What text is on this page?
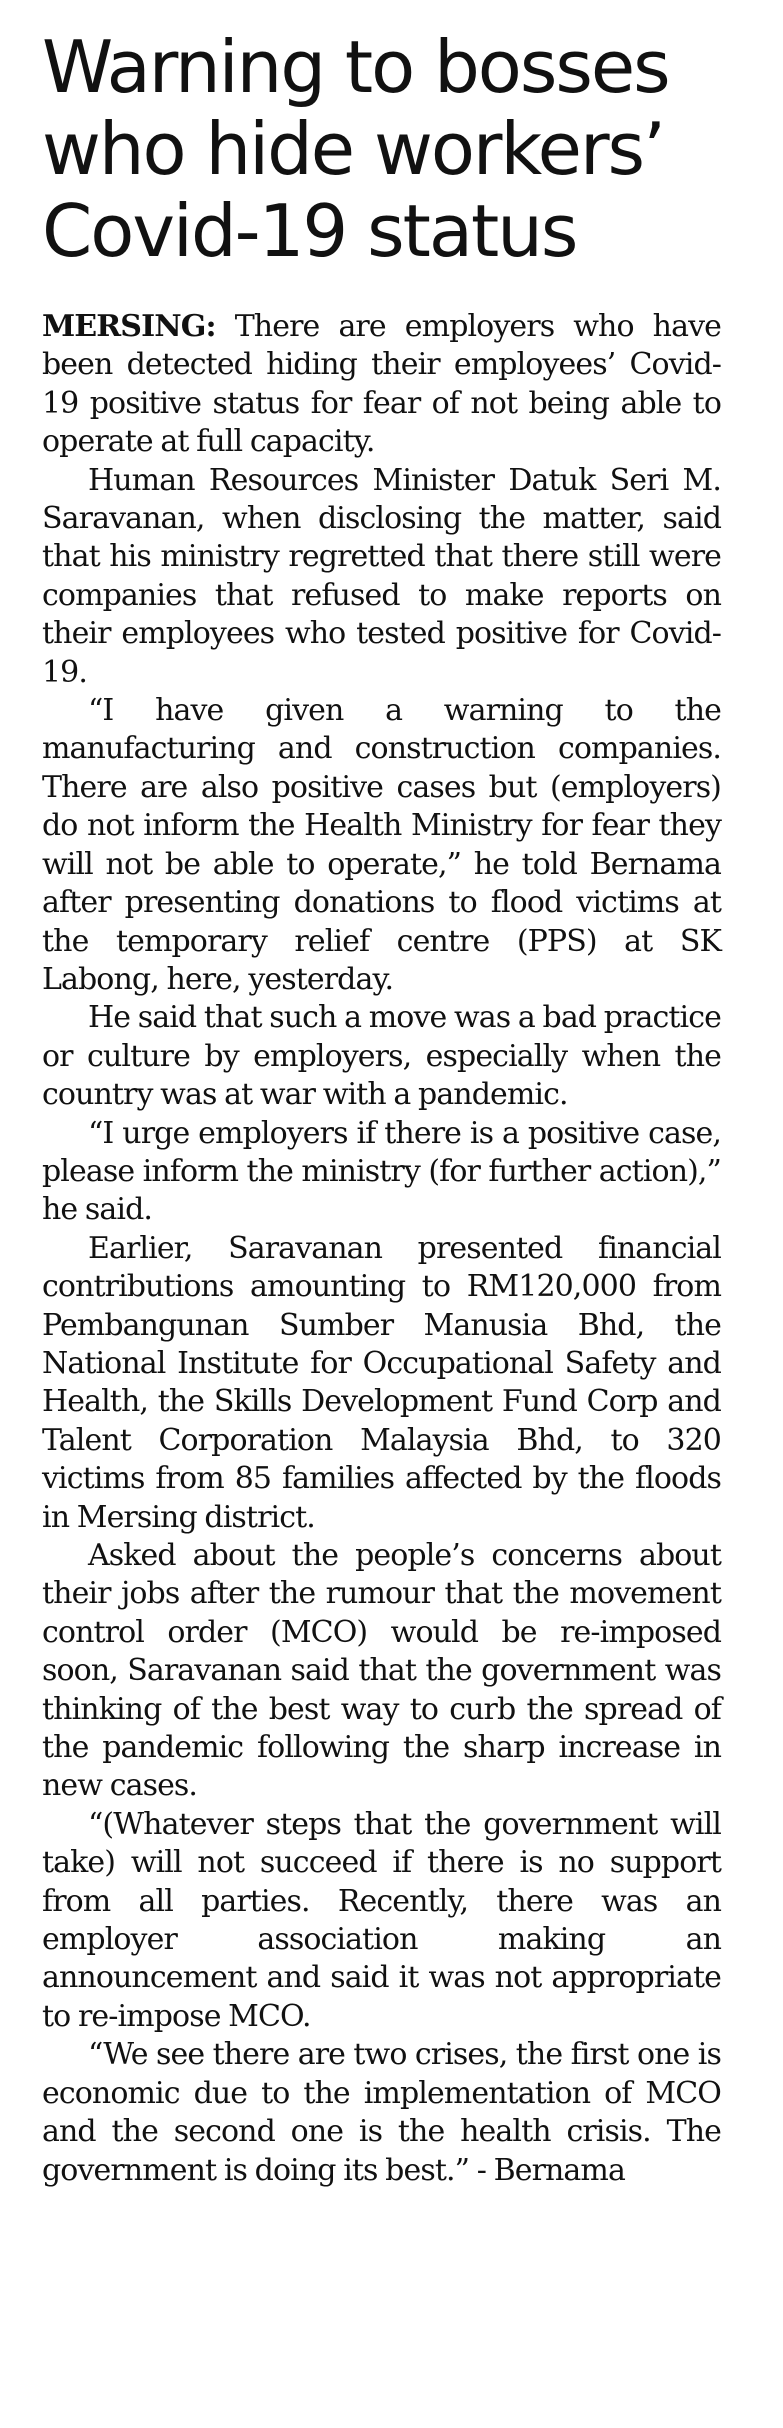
Warning to bosses
who hide workers’
Covid-19 status

MERSING: There are employers who have been detected hiding their employees’ Covid-19 positive status for fear of not being able to operate at full capacity.

Human Resources Minister Datuk Seri M. Saravanan, when disclosing the matter, said that his ministry regretted that there still were companies that refused to make reports on their employees who tested positive for Covid-19.

“I have given a warning to the manufacturing and construction companies. There are also positive cases but (employers) do not inform the Health Ministry for fear they will not be able to operate,” he told Bernama after presenting donations to flood victims at the temporary relief centre (PPS) at SK Labong, here, yesterday.

He said that such a move was a bad practice or culture by employers, especially when the country was at war with a pandemic.

“I urge employers if there is a positive case, please inform the ministry (for further action),” he said.

Earlier, Saravanan presented financial contributions amounting to RM120,000 from Pembangunan Sumber Manusia Bhd, the National Institute for Occupational Safety and Health, the Skills Development Fund Corp and Talent Corporation Malaysia Bhd, to 320 victims from 85 families affected by the floods in Mersing district.

Asked about the people’s concerns about their jobs after the rumour that the movement control order (MCO) would be re-imposed soon, Saravanan said that the government was thinking of the best way to curb the spread of the pandemic following the sharp increase in new cases.

“(Whatever steps that the government will take) will not succeed if there is no support from all parties. Recently, there was an employer association making an announcement and said it was not appropriate to re-impose MCO.

“We see there are two crises, the first one is economic due to the implementation of MCO and the second one is the health crisis. The government is doing its best.” - Bernama
